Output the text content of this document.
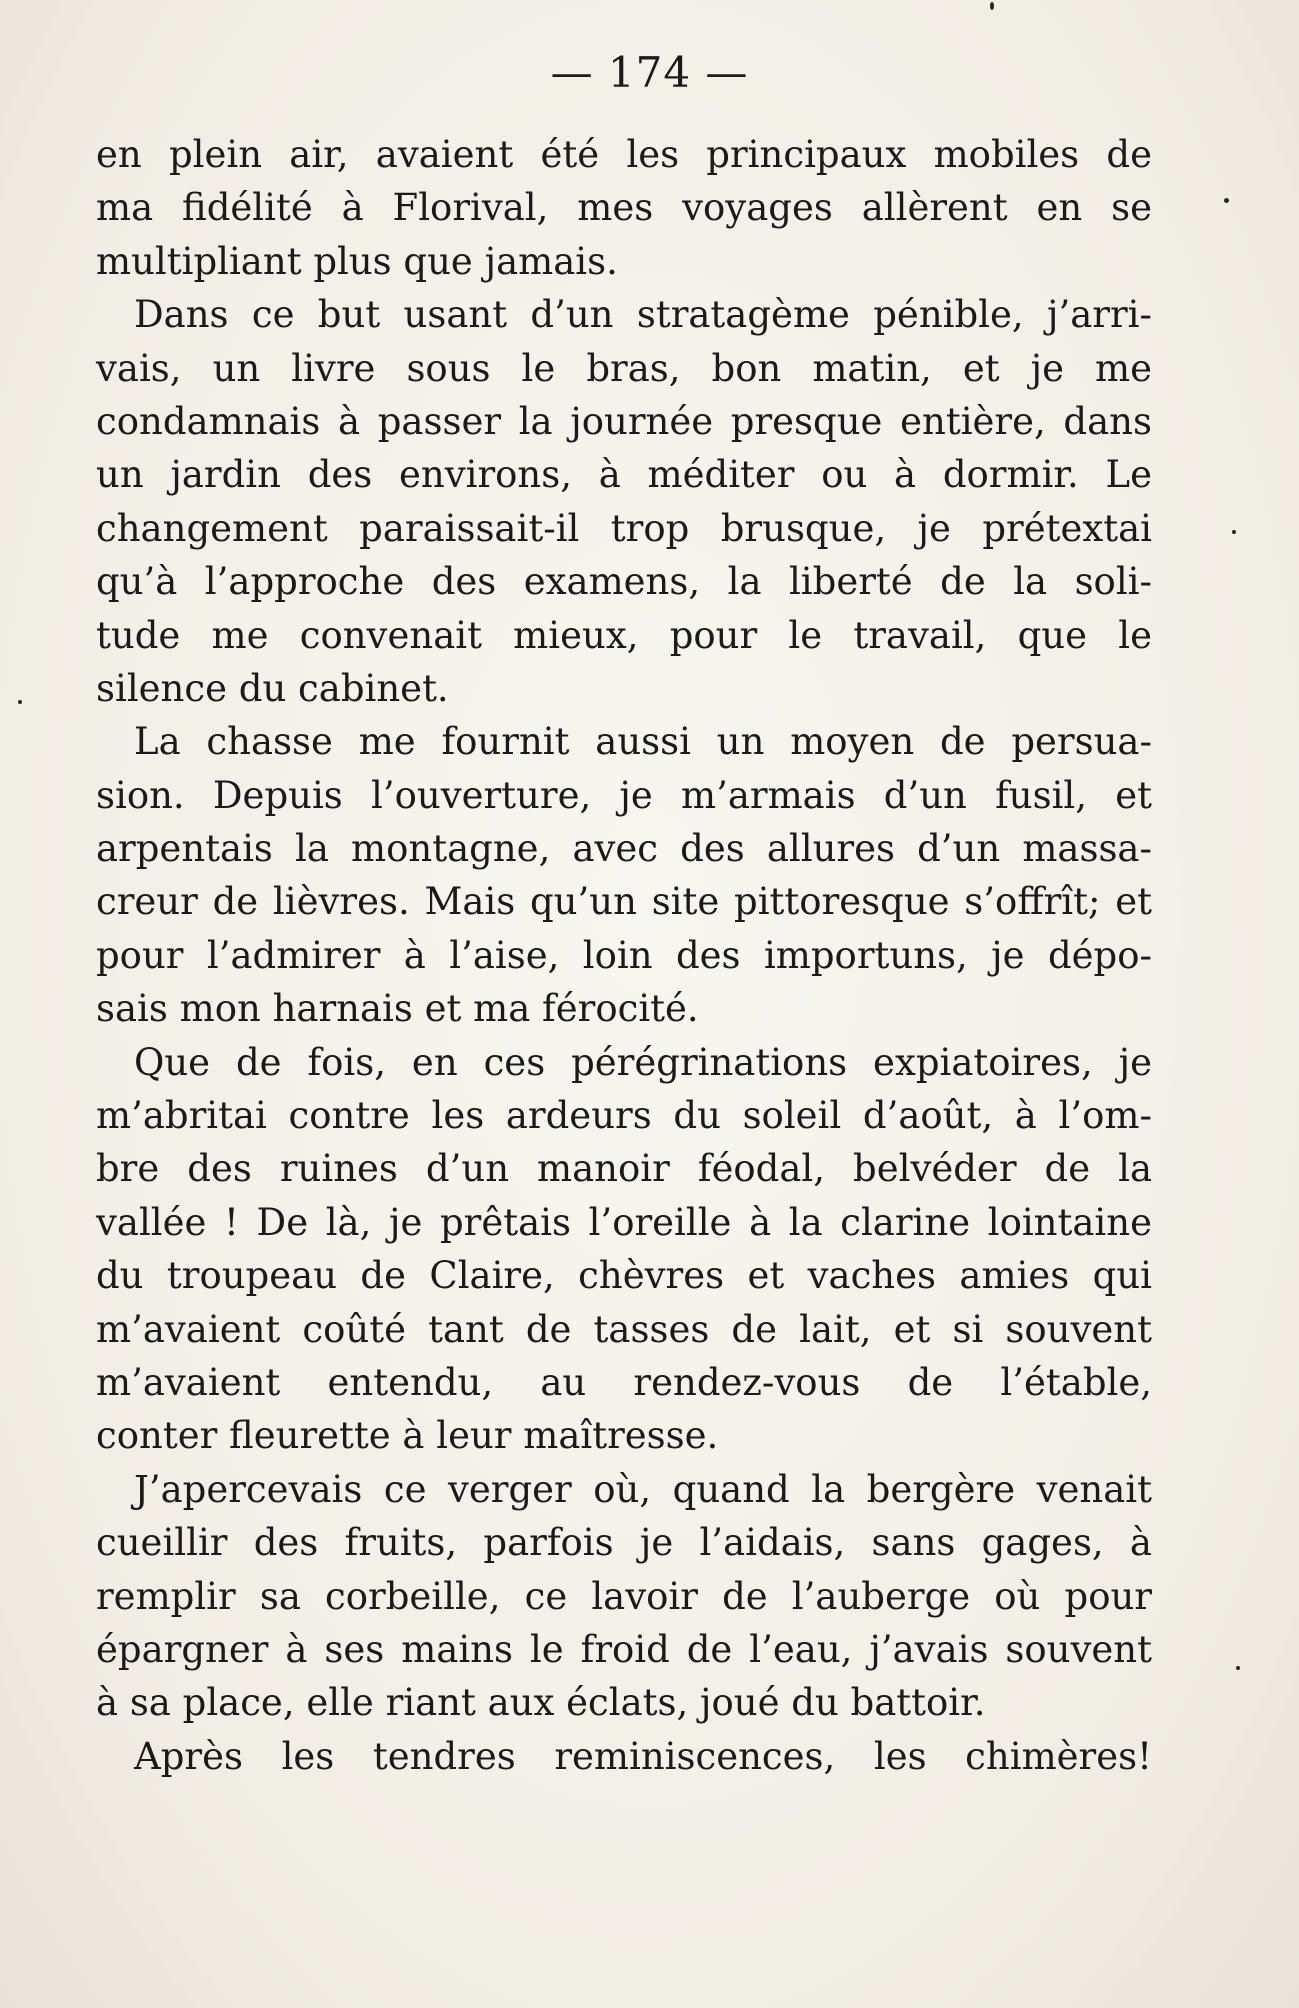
— 174 —
en plein air, avaient été les principaux mobiles de
ma fidélité à Florival, mes voyages allèrent en se
multipliant plus que jamais.
Dans ce but usant d’un stratagème pénible, j’arri-
vais, un livre sous le bras, bon matin, et je me
condamnais à passer la journée presque entière, dans
un jardin des environs, à méditer ou à dormir. Le
changement paraissait-il trop brusque, je prétextai
qu’à l’approche des examens, la liberté de la soli-
tude me convenait mieux, pour le travail, que le
silence du cabinet.
La chasse me fournit aussi un moyen de persua-
sion. Depuis l’ouverture, je m’armais d’un fusil, et
arpentais la montagne, avec des allures d’un massa-
creur de lièvres. Mais qu’un site pittoresque s’offrît; et
pour l’admirer à l’aise, loin des importuns, je dépo-
sais mon harnais et ma férocité.
Que de fois, en ces pérégrinations expiatoires, je
m’abritai contre les ardeurs du soleil d’août, à l’om-
bre des ruines d’un manoir féodal, belvéder de la
vallée ! De là, je prêtais l’oreille à la clarine lointaine
du troupeau de Claire, chèvres et vaches amies qui
m’avaient coûté tant de tasses de lait, et si souvent
m’avaient entendu, au rendez-vous de l’étable,
conter fleurette à leur maîtresse.
J’apercevais ce verger où, quand la bergère venait
cueillir des fruits, parfois je l’aidais, sans gages, à
remplir sa corbeille, ce lavoir de l’auberge où pour
épargner à ses mains le froid de l’eau, j’avais souvent
à sa place, elle riant aux éclats, joué du battoir.
Après les tendres reminiscences, les chimères!
